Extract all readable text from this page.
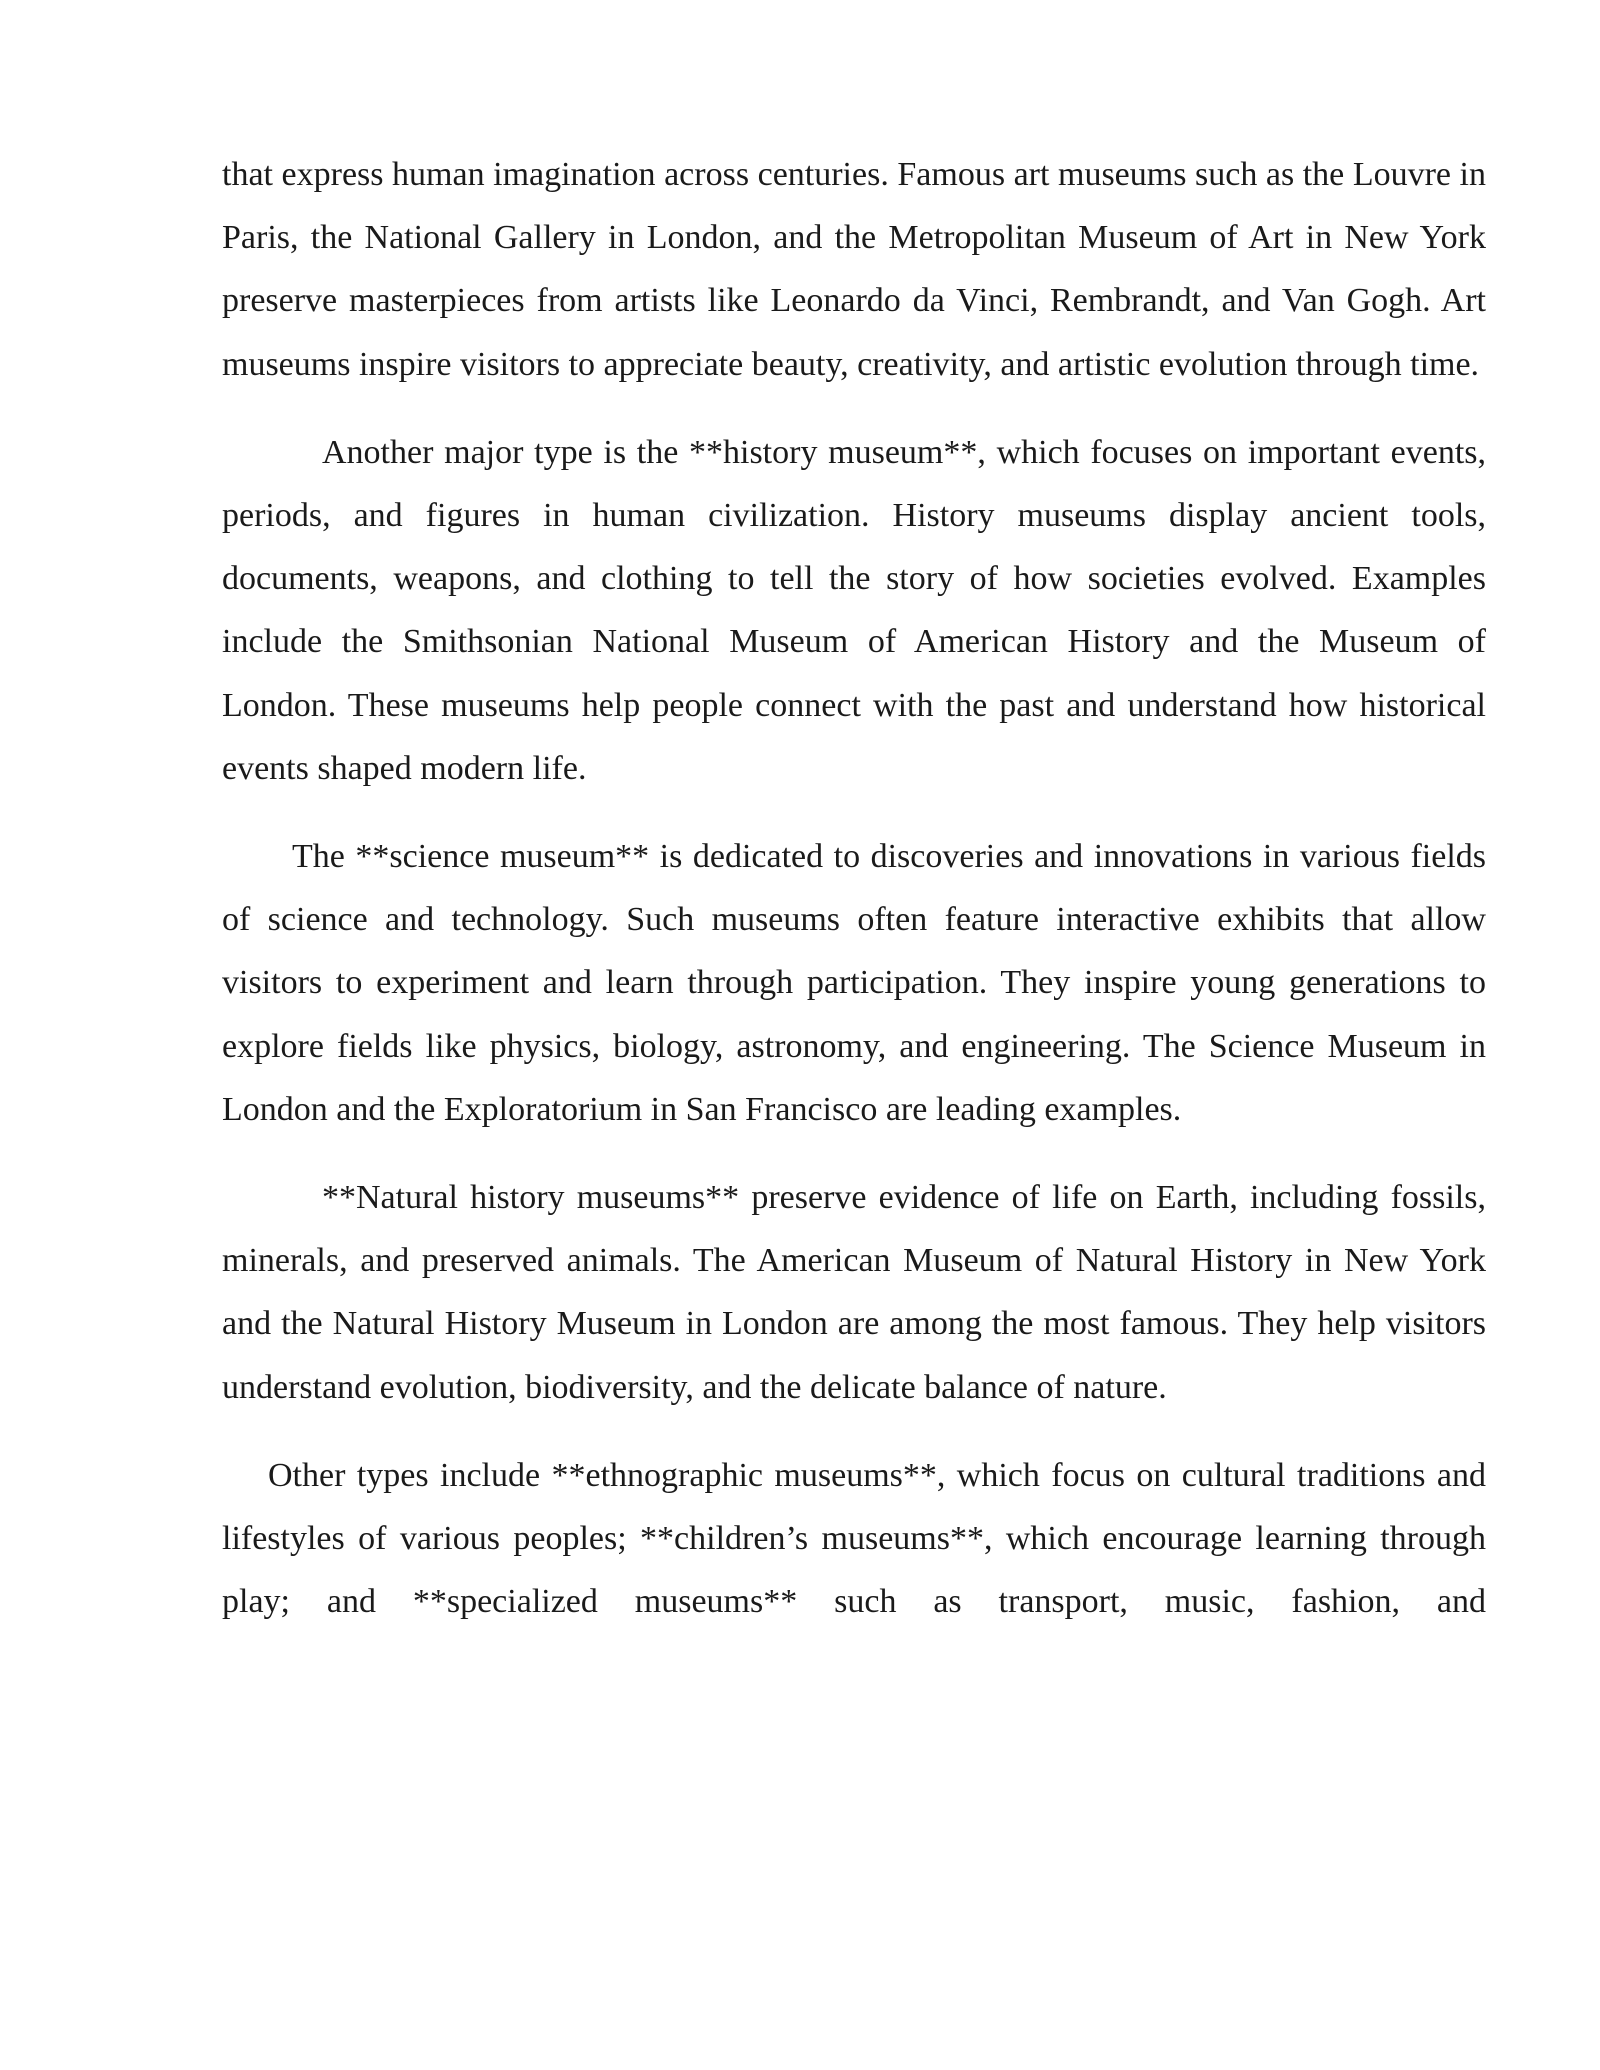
that express human imagination across centuries. Famous art museums such as the Louvre in Paris, the National Gallery in London, and the Metropolitan Museum of Art in New York preserve masterpieces from artists like Leonardo da Vinci, Rembrandt, and Van Gogh. Art museums inspire visitors to appreciate beauty, creativity, and artistic evolution through time.

Another major type is the **history museum**, which focuses on important events, periods, and figures in human civilization. History museums display ancient tools, documents, weapons, and clothing to tell the story of how societies evolved. Examples include the Smithsonian National Museum of American History and the Museum of London. These museums help people connect with the past and understand how historical events shaped modern life.

The **science museum** is dedicated to discoveries and innovations in various fields of science and technology. Such museums often feature interactive exhibits that allow visitors to experiment and learn through participation. They inspire young generations to explore fields like physics, biology, astronomy, and engineering. The Science Museum in London and the Exploratorium in San Francisco are leading examples.

**Natural history museums** preserve evidence of life on Earth, including fossils, minerals, and preserved animals. The American Museum of Natural History in New York and the Natural History Museum in London are among the most famous. They help visitors understand evolution, biodiversity, and the delicate balance of nature.

Other types include **ethnographic museums**, which focus on cultural traditions and lifestyles of various peoples; **children’s museums**, which encourage learning through play; and **specialized museums** such as transport, music, fashion, and
